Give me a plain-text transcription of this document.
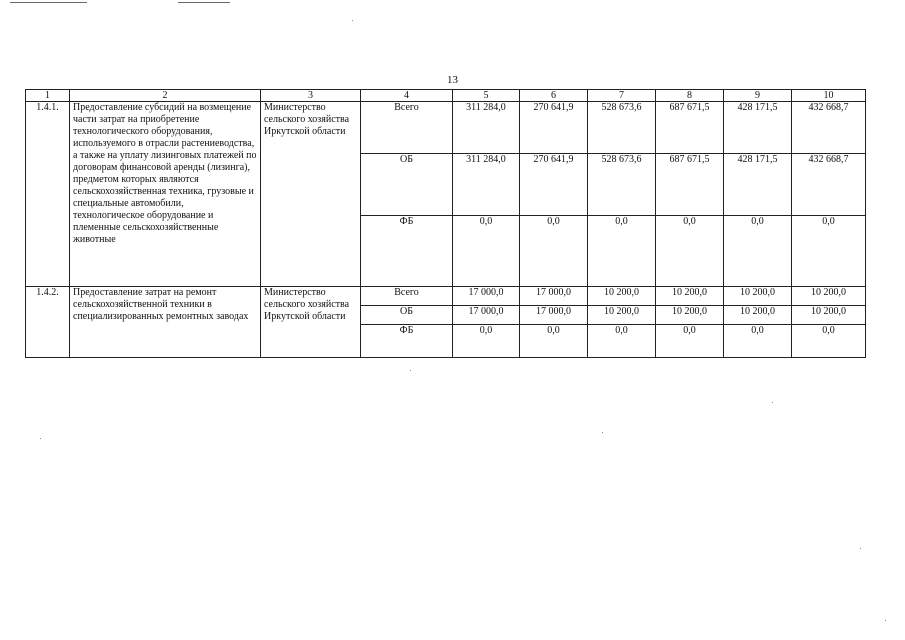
13
1	2	3	4	5	6	7	8	9	10
1.4.1.	Предоставление субсидий на возмещение части затрат на приобретение технологического оборудования, используемого в отрасли растениеводства, а также на уплату лизинговых платежей по договорам финансовой аренды (лизинга), предметом которых являются сельскохозяйственная техника, грузовые и специальные автомобили, технологическое оборудование и племенные сельскохозяйственные животные	Министерство сельского хозяйства Иркутской области	Всего	311 284,0	270 641,9	528 673,6	687 671,5	428 171,5	432 668,7
			ОБ	311 284,0	270 641,9	528 673,6	687 671,5	428 171,5	432 668,7
			ФБ	0,0	0,0	0,0	0,0	0,0	0,0
1.4.2.	Предоставление затрат на ремонт сельскохозяйственной техники в специализированных ремонтных заводах	Министерство сельского хозяйства Иркутской области	Всего	17 000,0	17 000,0	10 200,0	10 200,0	10 200,0	10 200,0
			ОБ	17 000,0	17 000,0	10 200,0	10 200,0	10 200,0	10 200,0
			ФБ	0,0	0,0	0,0	0,0	0,0	0,0
